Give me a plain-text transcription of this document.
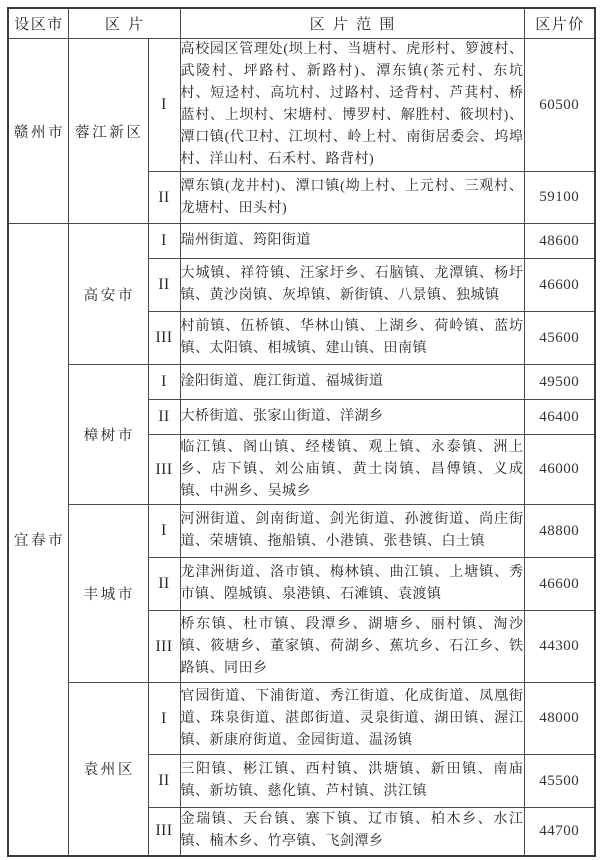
设区市	区片		区片范围	区片价
赣州市	蓉江新区	I	高校园区管理处(坝上村、当塘村、虎形村、箩渡村、武陵村、坪路村、新路村)、潭东镇(茶元村、东坑村、短迳村、高坑村、过路村、迳背村、芦萁村、桥蓝村、上坝村、宋塘村、博罗村、解胜村、筱坝村)、潭口镇(代卫村、江坝村、岭上村、南街居委会、坞埠村、洋山村、石禾村、路背村)	60500
		II	潭东镇(龙井村)、潭口镇(坳上村、上元村、三观村、龙塘村、田头村)	59100
宜春市	高安市	I	瑞州街道、筠阳街道	48600
		II	大城镇、祥符镇、汪家圩乡、石脑镇、龙潭镇、杨圩镇、黄沙岗镇、灰埠镇、新街镇、八景镇、独城镇	46600
		III	村前镇、伍桥镇、华林山镇、上湖乡、荷岭镇、蓝坊镇、太阳镇、相城镇、建山镇、田南镇	45600
	樟树市	I	淦阳街道、鹿江街道、福城街道	49500
		II	大桥街道、张家山街道、洋湖乡	46400
		III	临江镇、阁山镇、经楼镇、观上镇、永泰镇、洲上乡、店下镇、刘公庙镇、黄土岗镇、昌傅镇、义成镇、中洲乡、吴城乡	46000
	丰城市	I	河洲街道、剑南街道、剑光街道、孙渡街道、尚庄街道、荣塘镇、拖船镇、小港镇、张巷镇、白土镇	48800
		II	龙津洲街道、洛市镇、梅林镇、曲江镇、上塘镇、秀市镇、隍城镇、泉港镇、石滩镇、袁渡镇	46600
		III	桥东镇、杜市镇、段潭乡、湖塘乡、丽村镇、淘沙镇、筱塘乡、董家镇、荷湖乡、蕉坑乡、石江乡、铁路镇、同田乡	44300
	袁州区	I	官园街道、下浦街道、秀江街道、化成街道、凤凰街道、珠泉街道、湛郎街道、灵泉街道、湖田镇、渥江镇、新康府街道、金园街道、温汤镇	48000
		II	三阳镇、彬江镇、西村镇、洪塘镇、新田镇、南庙镇、新坊镇、慈化镇、芦村镇、洪江镇	45500
		III	金瑞镇、天台镇、寨下镇、辽市镇、柏木乡、水江镇、楠木乡、竹亭镇、飞剑潭乡	44700
